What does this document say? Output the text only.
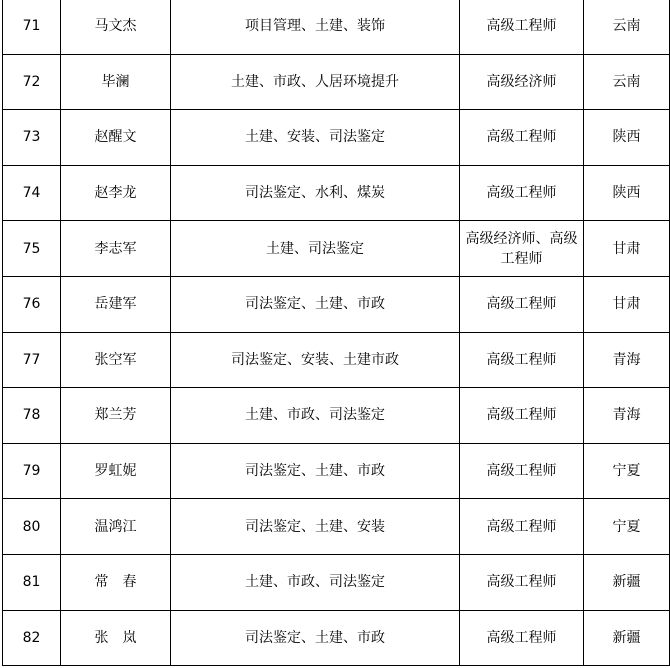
71	马文杰	项目管理、土建、装饰	高级工程师	云南
72	毕澜	土建、市政、人居环境提升	高级经济师	云南
73	赵醒文	土建、安装、司法鉴定	高级工程师	陕西
74	赵李龙	司法鉴定、水利、煤炭	高级工程师	陕西
75	李志军	土建、司法鉴定	高级经济师、高级工程师	甘肃
76	岳建军	司法鉴定、土建、市政	高级工程师	甘肃
77	张空军	司法鉴定、安装、土建市政	高级工程师	青海
78	郑兰芳	土建、市政、司法鉴定	高级工程师	青海
79	罗虹妮	司法鉴定、土建、市政	高级工程师	宁夏
80	温鸿江	司法鉴定、土建、安装	高级工程师	宁夏
81	常　春	土建、市政、司法鉴定	高级工程师	新疆
82	张　岚	司法鉴定、土建、市政	高级工程师	新疆
